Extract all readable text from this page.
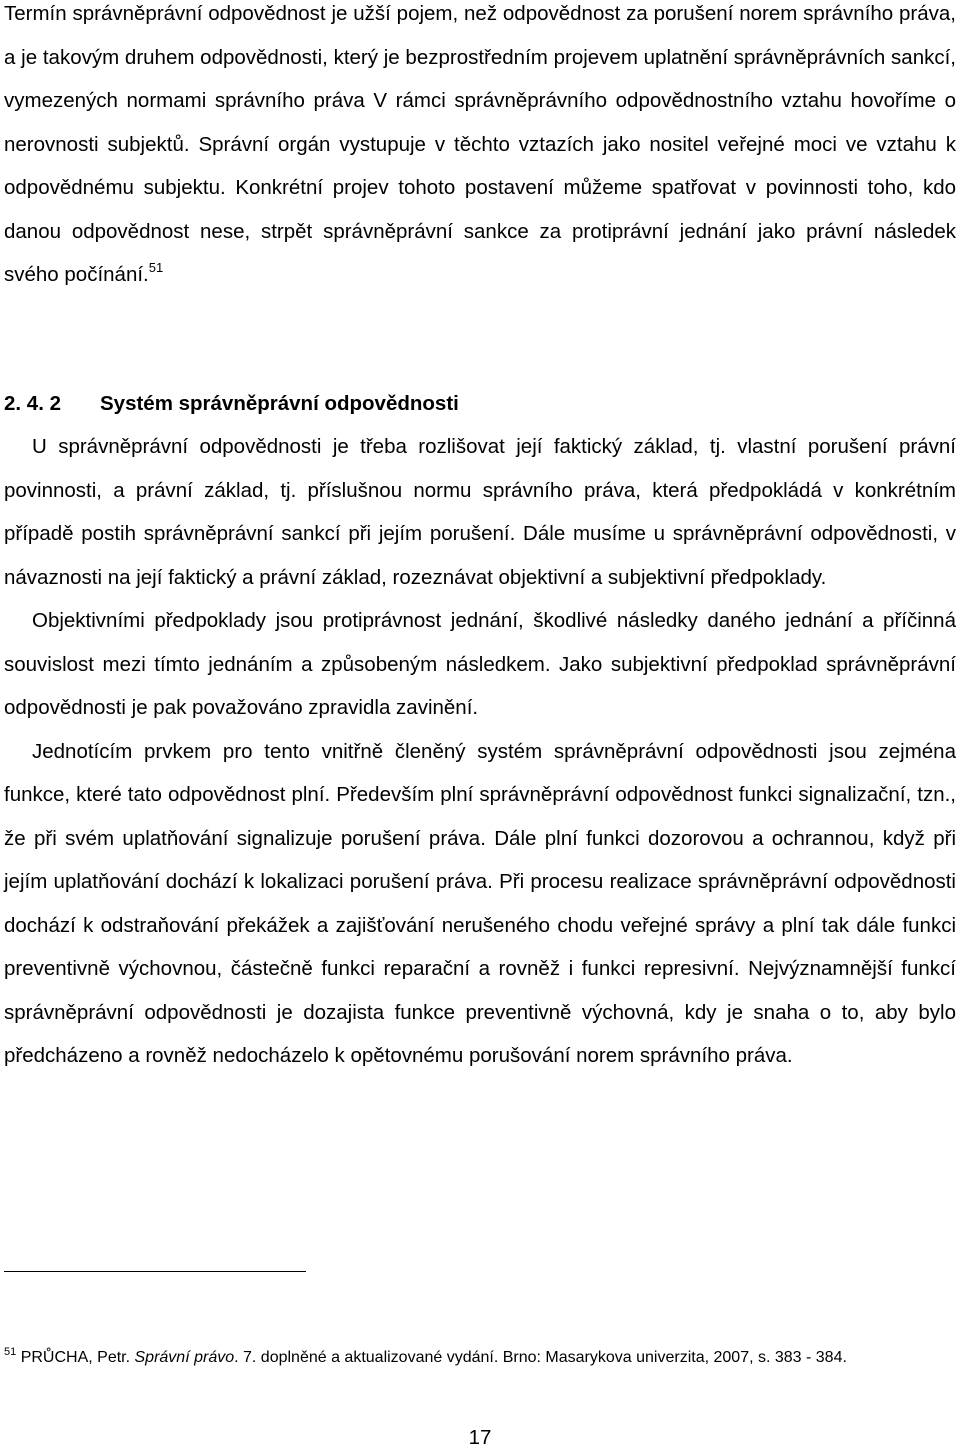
Termín správněprávní odpovědnost je užší pojem, než odpovědnost za porušení norem správního práva, a je takovým druhem odpovědnosti, který je bezprostředním projevem uplatnění správněprávních sankcí, vymezených normami správního práva V rámci správněprávního odpovědnostního vztahu hovoříme o nerovnosti subjektů. Správní orgán vystupuje v těchto vztazích jako nositel veřejné moci ve vztahu k odpovědnému subjektu. Konkrétní projev tohoto postavení můžeme spatřovat v povinnosti toho, kdo danou odpovědnost nese, strpět správněprávní sankce za protiprávní jednání jako právní následek svého počínání.$^{51}$

2. 4. 2 Systém správněprávní odpovědnosti

U správněprávní odpovědnosti je třeba rozlišovat její faktický základ, tj. vlastní porušení právní povinnosti, a právní základ, tj. příslušnou normu správního práva, která předpokládá v konkrétním případě postih správněprávní sankcí při jejím porušení. Dále musíme u správněprávní odpovědnosti, v návaznosti na její faktický a právní základ, rozeznávat objektivní a subjektivní předpoklady.

Objektivními předpoklady jsou protiprávnost jednání, škodlivé následky daného jednání a příčinná souvislost mezi tímto jednáním a způsobeným následkem. Jako subjektivní předpoklad správněprávní odpovědnosti je pak považováno zpravidla zavinění.

Jednotícím prvkem pro tento vnitřně členěný systém správněprávní odpovědnosti jsou zejména funkce, které tato odpovědnost plní. Především plní správněprávní odpovědnost funkci signalizační, tzn., že při svém uplatňování signalizuje porušení práva. Dále plní funkci dozorovou a ochrannou, když při jejím uplatňování dochází k lokalizaci porušení práva. Při procesu realizace správněprávní odpovědnosti dochází k odstraňování překážek a zajišťování nerušeného chodu veřejné správy a plní tak dále funkci preventivně výchovnou, částečně funkci reparační a rovněž i funkci represivní. Nejvýznamnější funkcí správněprávní odpovědnosti je dozajista funkce preventivně výchovná, kdy je snaha o to, aby bylo předcházeno a rovněž nedocházelo k opětovnému porušování norem správního práva.

$^{51}$ PRŮCHA, Petr. Správní právo. 7. doplněné a aktualizované vydání. Brno: Masarykova univerzita, 2007, s. 383 - 384.

17
